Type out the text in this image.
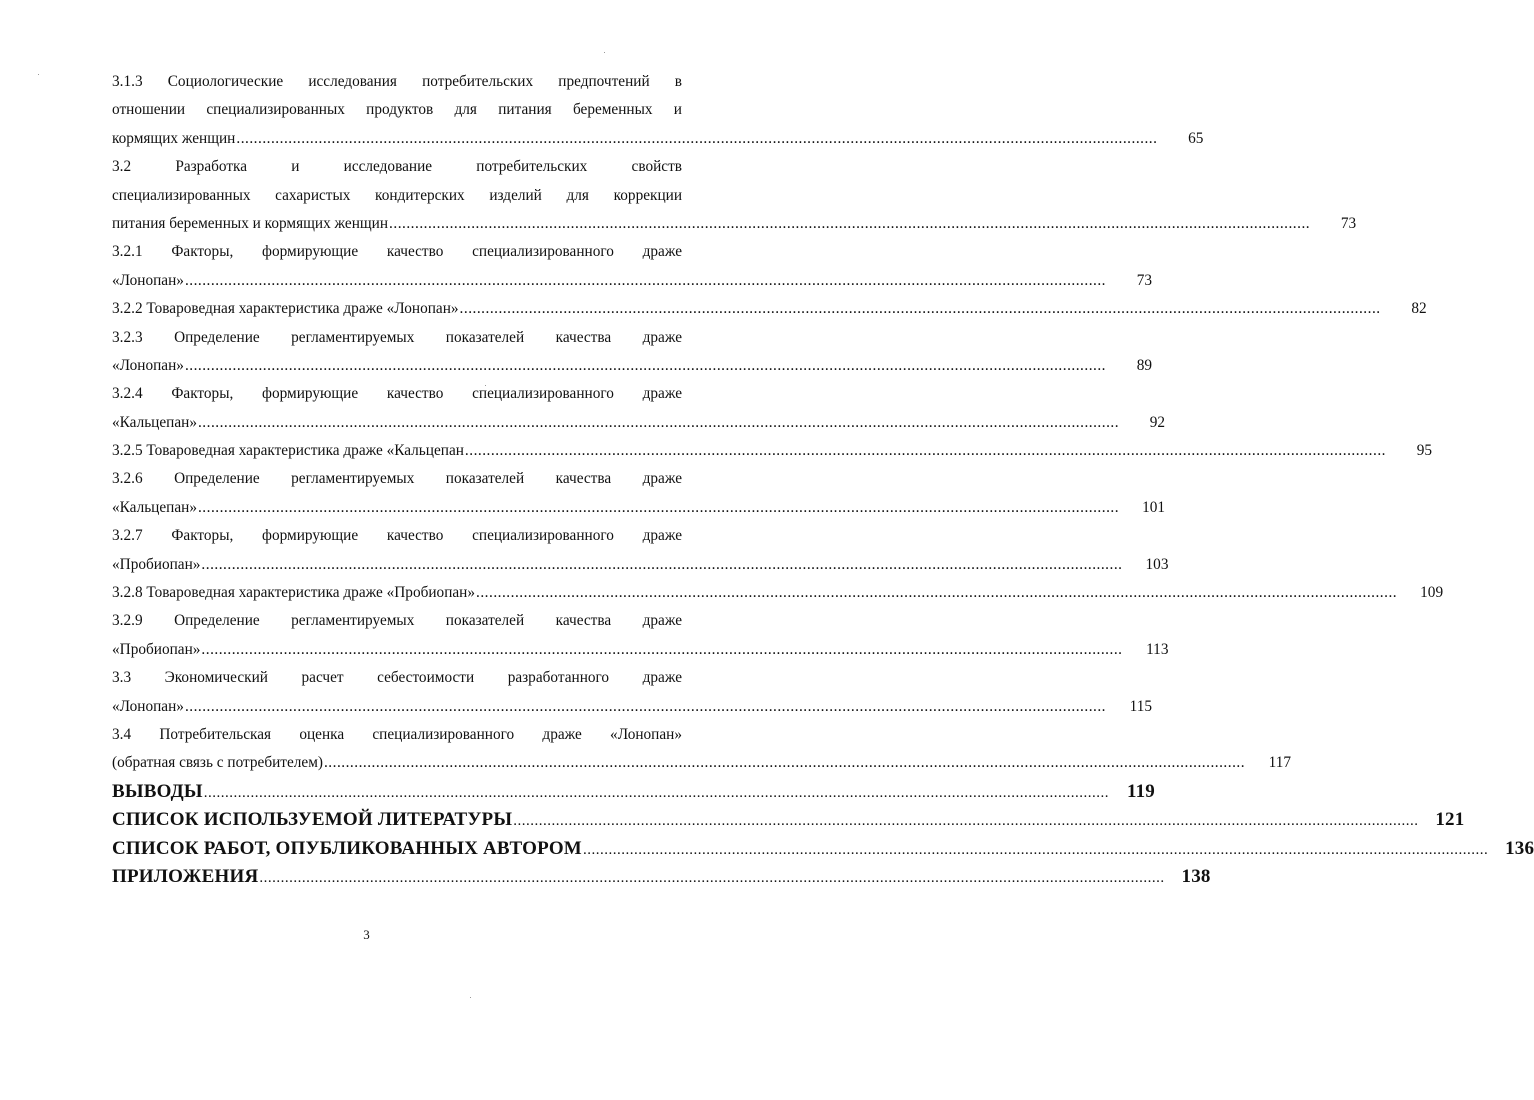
3.1.3 Социологические исследования потребительских предпочтений в
отношении специализированных продуктов для питания беременных и
кормящих женщин .....	65
3.2 Разработка и исследование потребительских свойств
специализированных сахаристых кондитерских изделий для коррекции
питания беременных и кормящих женщин .....	73
3.2.1 Факторы, формирующие качество специализированного драже
«Лонопан» .....	73
3.2.2 Товароведная характеристика драже «Лонопан» .....	82
3.2.3 Определение регламентируемых показателей качества драже
«Лонопан» .....	89
3.2.4 Факторы, формирующие качество специализированного драже
«Кальцепан» .....	92
3.2.5 Товароведная характеристика драже «Кальцепан .....	95
3.2.6 Определение регламентируемых показателей качества драже
«Кальцепан» .....	101
3.2.7 Факторы, формирующие качество специализированного драже
«Пробиопан» .....	103
3.2.8 Товароведная характеристика драже «Пробиопан» .....	109
3.2.9 Определение регламентируемых показателей качества драже
«Пробиопан» .....	113
3.3 Экономический расчет себестоимости разработанного драже
«Лонопан» .....	115
3.4 Потребительская оценка специализированного драже «Лонопан»
(обратная связь с потребителем) .....	117
ВЫВОДЫ .....	119
СПИСОК ИСПОЛЬЗУЕМОЙ ЛИТЕРАТУРЫ .....	121
СПИСОК РАБОТ, ОПУБЛИКОВАННЫХ АВТОРОМ .....	136
ПРИЛОЖЕНИЯ .....	138
3
